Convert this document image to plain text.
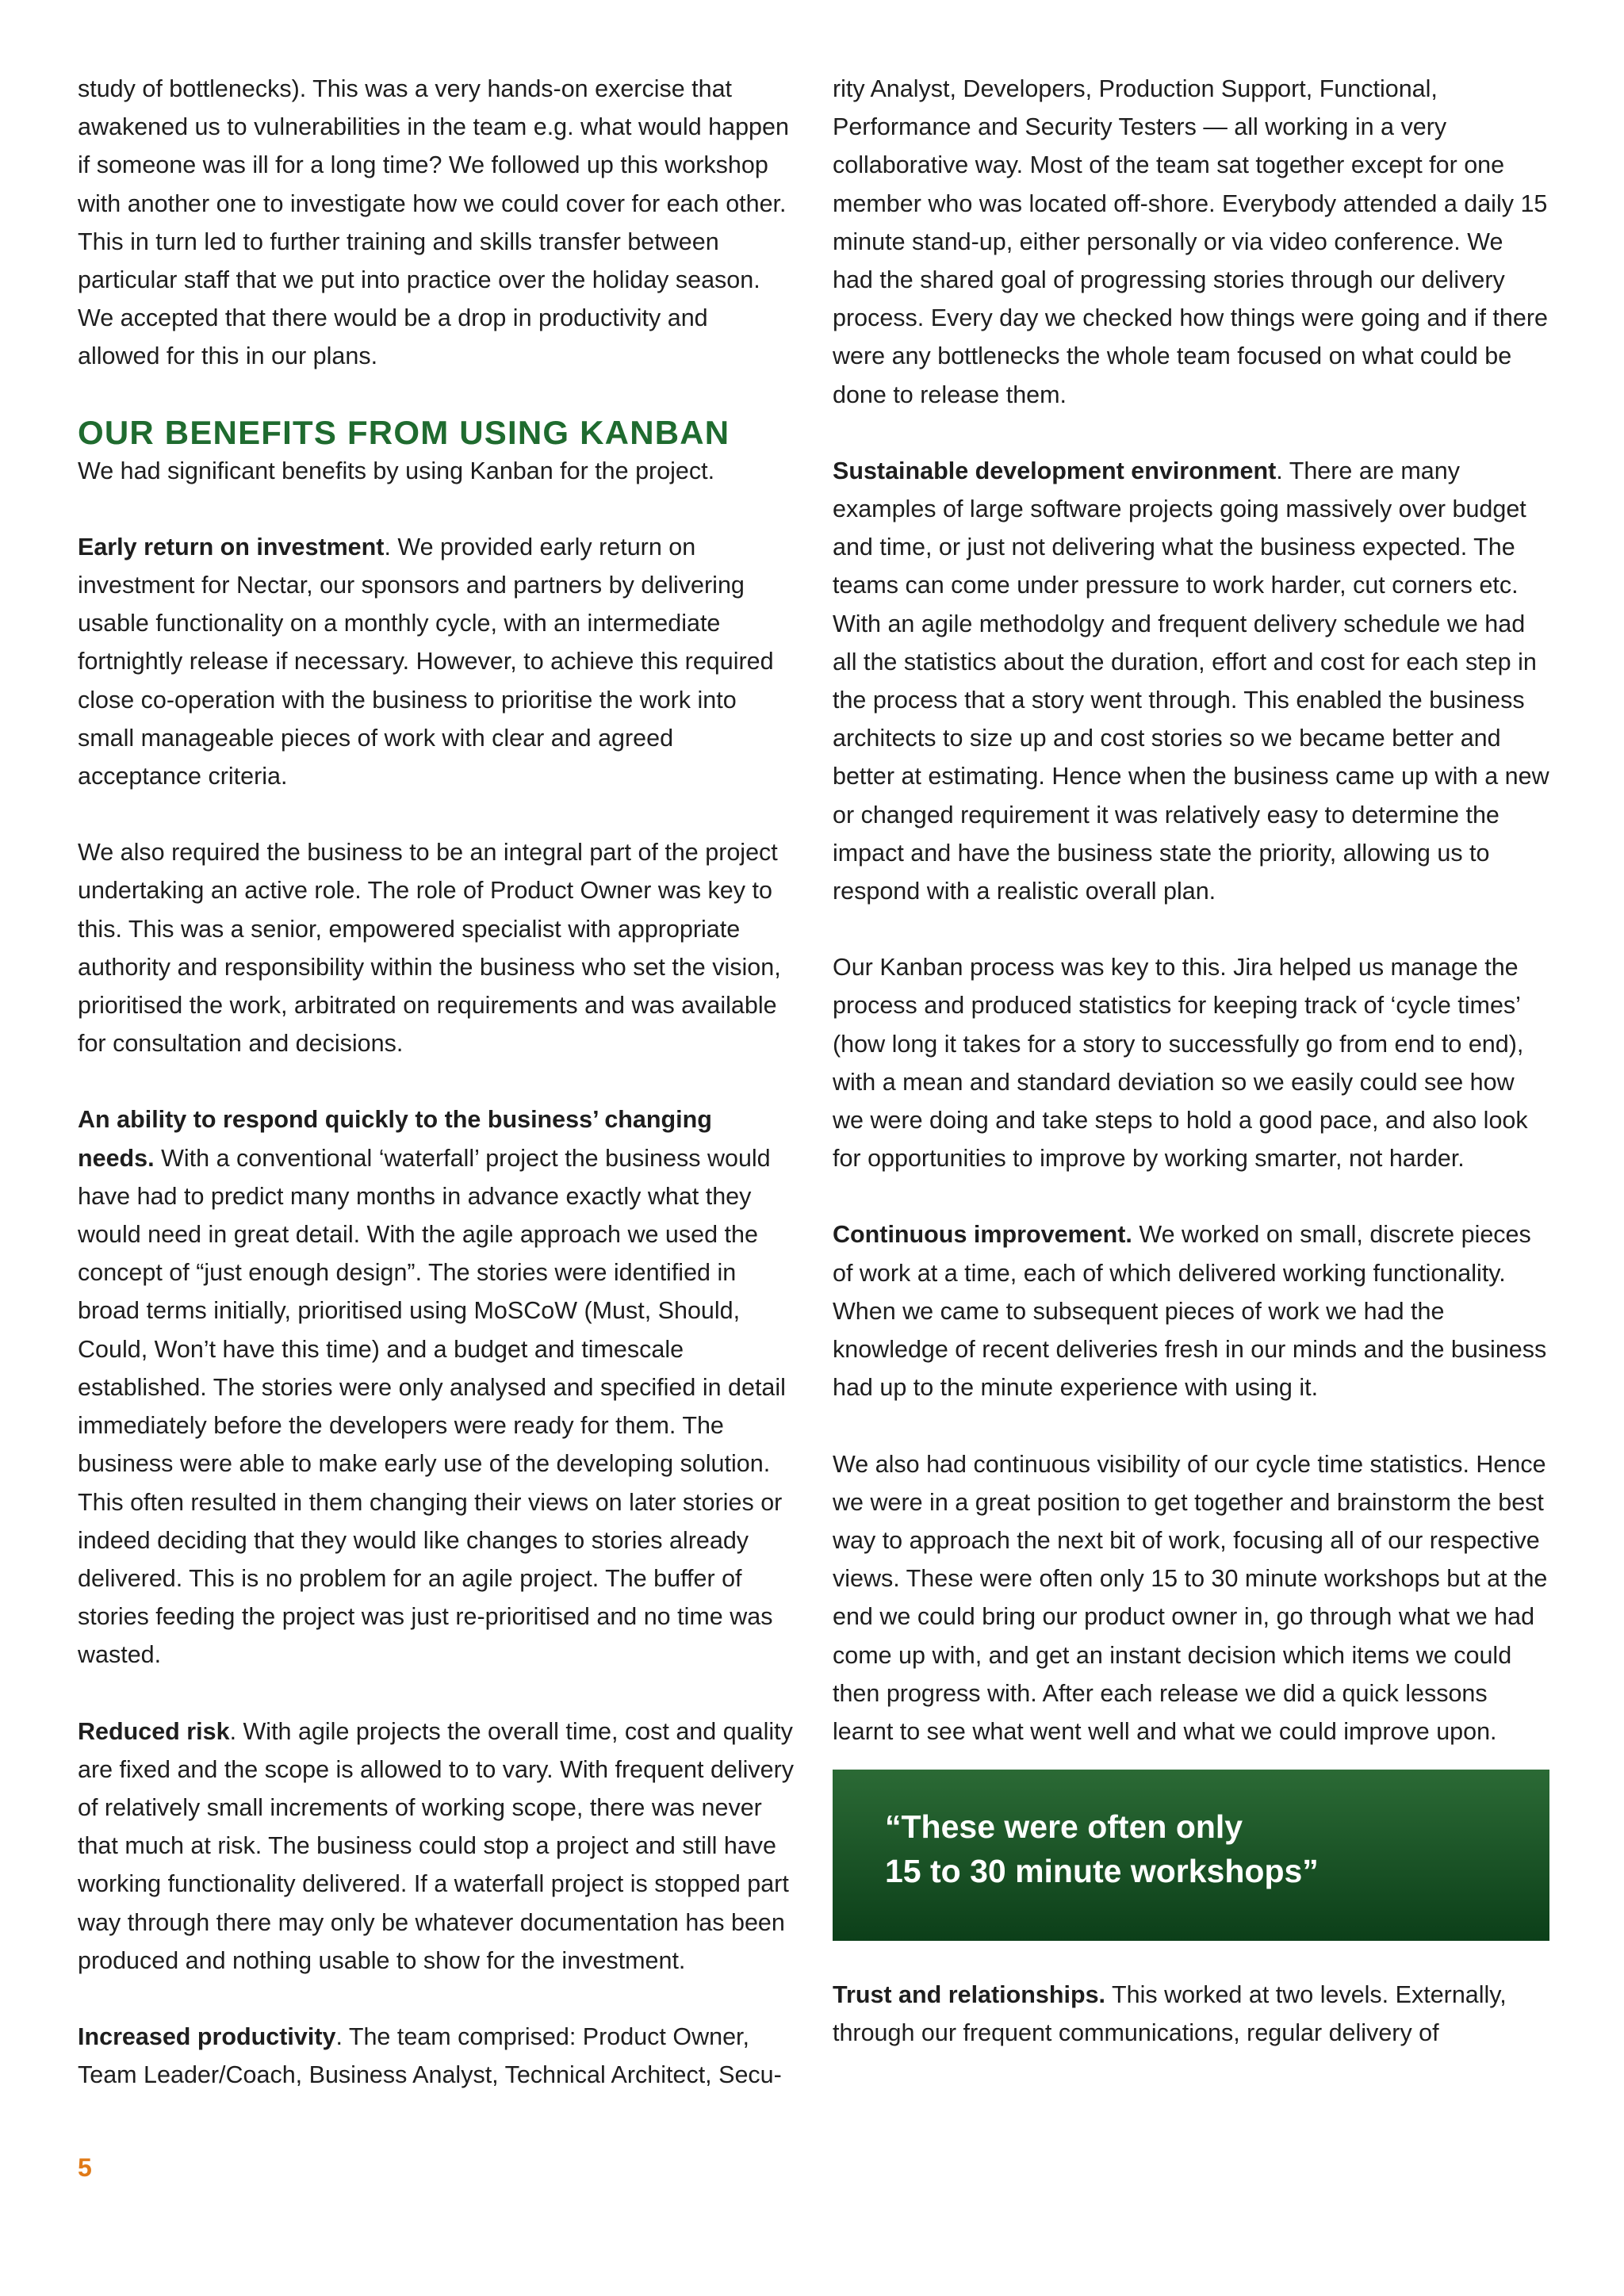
study of bottlenecks). This was a very hands-on exercise that awakened us to vulnerabilities in the team e.g. what would happen if someone was ill for a long time? We followed up this workshop with another one to investigate how we could cover for each other. This in turn led to further training and skills transfer between particular staff that we put into practice over the holiday season. We accepted that there would be a drop in productivity and allowed for this in our plans.

OUR BENEFITS FROM USING KANBAN

We had significant benefits by using Kanban for the project.

Early return on investment. We provided early return on investment for Nectar, our sponsors and partners by delivering usable functionality on a monthly cycle, with an intermediate fortnightly release if necessary. However, to achieve this required close co-operation with the business to prioritise the work into small manageable pieces of work with clear and agreed acceptance criteria.

We also required the business to be an integral part of the project undertaking an active role. The role of Product Owner was key to this. This was a senior, empowered specialist with appropriate authority and responsibility within the business who set the vision, prioritised the work, arbitrated on requirements and was available for consultation and decisions.

An ability to respond quickly to the business’ changing needs. With a conventional ‘waterfall’ project the business would have had to predict many months in advance exactly what they would need in great detail. With the agile approach we used the concept of “just enough design”. The stories were identified in broad terms initially, prioritised using MoSCoW (Must, Should, Could, Won’t have this time) and a budget and timescale established. The stories were only analysed and specified in detail immediately before the developers were ready for them. The business were able to make early use of the developing solution. This often resulted in them changing their views on later stories or indeed deciding that they would like changes to stories already delivered. This is no problem for an agile project. The buffer of stories feeding the project was just re-prioritised and no time was wasted.

Reduced risk. With agile projects the overall time, cost and quality are fixed and the scope is allowed to to vary. With frequent delivery of relatively small increments of working scope, there was never that much at risk. The business could stop a project and still have working functionality delivered. If a waterfall project is stopped part way through there may only be whatever documentation has been produced and nothing usable to show for the investment.

Increased productivity. The team comprised: Product Owner, Team Leader/Coach, Business Analyst, Technical Architect, Secu-

rity Analyst, Developers, Production Support, Functional, Performance and Security Testers — all working in a very collaborative way. Most of the team sat together except for one member who was located off-shore. Everybody attended a daily 15 minute stand-up, either personally or via video conference. We had the shared goal of progressing stories through our delivery process. Every day we checked how things were going and if there were any bottlenecks the whole team focused on what could be done to release them.

Sustainable development environment. There are many examples of large software projects going massively over budget and time, or just not delivering what the business expected. The teams can come under pressure to work harder, cut corners etc. With an agile methodolgy and frequent delivery schedule we had all the statistics about the duration, effort and cost for each step in the process that a story went through. This enabled the business architects to size up and cost stories so we became better and better at estimating. Hence when the business came up with a new or changed requirement it was relatively easy to determine the impact and have the business state the priority, allowing us to respond with a realistic overall plan.

Our Kanban process was key to this. Jira helped us manage the process and produced statistics for keeping track of ‘cycle times’ (how long it takes for a story to successfully go from end to end), with a mean and standard deviation so we easily could see how we were doing and take steps to hold a good pace, and also look for opportunities to improve by working smarter, not harder.

Continuous improvement. We worked on small, discrete pieces of work at a time, each of which delivered working functionality. When we came to subsequent pieces of work we had the knowledge of recent deliveries fresh in our minds and the business had up to the minute experience with using it.

We also had continuous visibility of our cycle time statistics. Hence we were in a great position to get together and brainstorm the best way to approach the next bit of work, focusing all of our respective views. These were often only 15 to 30 minute workshops but at the end we could bring our product owner in, go through what we had come up with, and get an instant decision which items we could then progress with. After each release we did a quick lessons learnt to see what went well and what we could improve upon.

“These were often only
15 to 30 minute workshops”

Trust and relationships. This worked at two levels. Externally, through our frequent communications, regular delivery of

5
